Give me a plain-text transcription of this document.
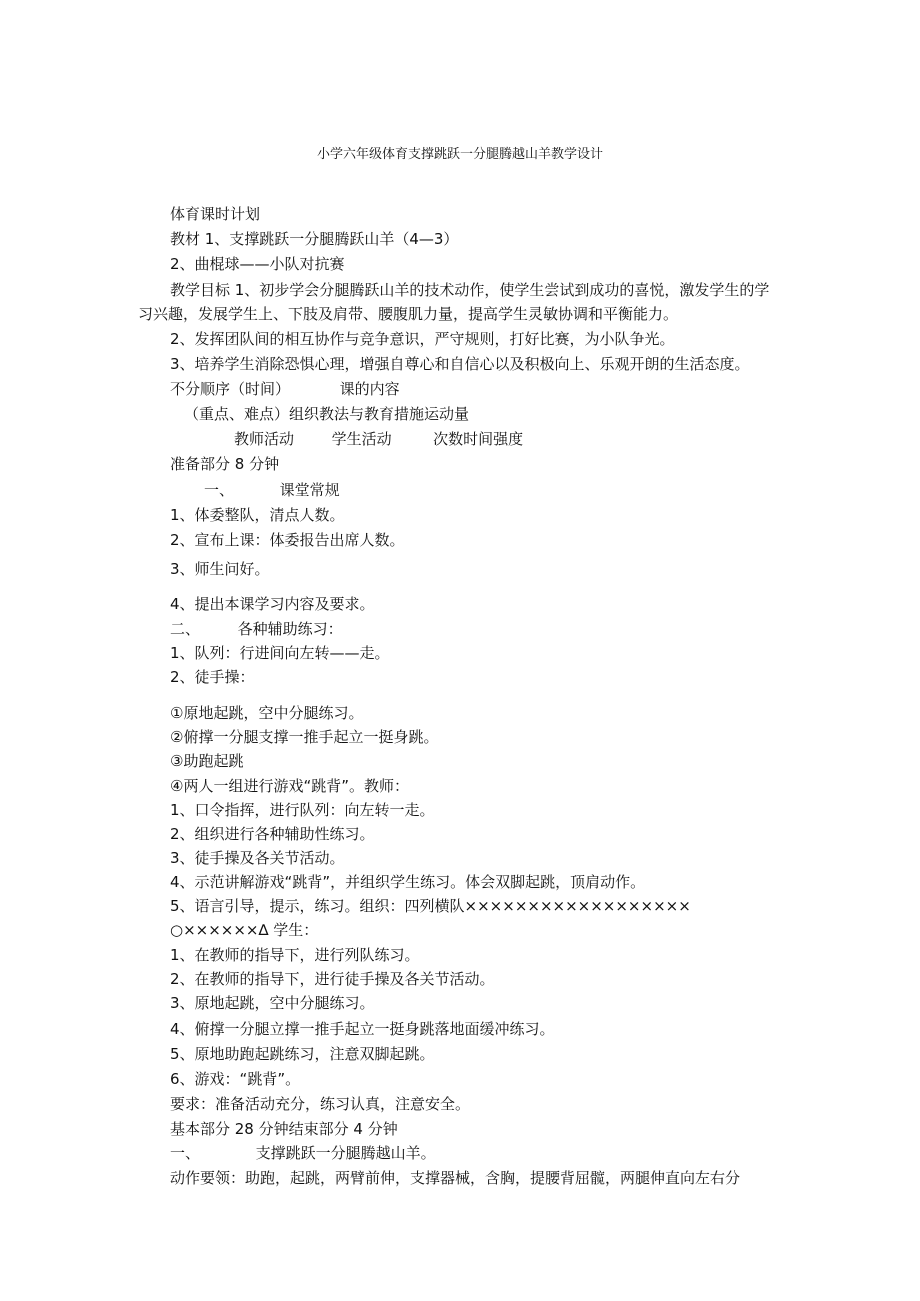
小学六年级体育支撑跳跃一分腿腾越山羊教学设计
体育课时计划
教材 1、支撑跳跃一分腿腾跃山羊（4—3）
2、曲棍球——小队对抗赛
教学目标 1、初步学会分腿腾跃山羊的技术动作，使学生尝试到成功的喜悦，激发学生的学
习兴趣，发展学生上、下肢及肩带、腰腹肌力量，提高学生灵敏协调和平衡能力。
2、发挥团队间的相互协作与竞争意识，严守规则，打好比赛，为小队争光。
3、培养学生消除恐惧心理，增强自尊心和自信心以及积极向上、乐观开朗的生活态度。
不分顺序（时间）	课的内容
（重点、难点）组织教法与教育措施运动量
教师活动	学生活动	次数时间强度
准备部分 8 分钟
一、	课堂常规
1、体委整队，清点人数。
2、宣布上课：体委报告出席人数。
3、师生问好。
4、提出本课学习内容及要求。
二、	各种辅助练习：
1、队列：行进间向左转——走。
2、徒手操：
①原地起跳，空中分腿练习。
②俯撑一分腿支撑一推手起立一挺身跳。
③助跑起跳
④两人一组进行游戏“跳背”。教师：
1、口令指挥，进行队列：向左转一走。
2、组织进行各种辅助性练习。
3、徒手操及各关节活动。
4、示范讲解游戏“跳背”，并组织学生练习。体会双脚起跳，顶肩动作。
5、语言引导，提示，练习。组织：四列横队××××××××××××××××××
○××××××∆ 学生：
1、在教师的指导下，进行列队练习。
2、在教师的指导下，进行徒手操及各关节活动。
3、原地起跳，空中分腿练习。
4、俯撑一分腿立撑一推手起立一挺身跳落地面缓冲练习。
5、原地助跑起跳练习，注意双脚起跳。
6、游戏：“跳背”。
要求：准备活动充分，练习认真，注意安全。
基本部分 28 分钟结束部分 4 分钟
一、	支撑跳跃一分腿腾越山羊。
动作要领：助跑，起跳，两臂前伸，支撑器械，含胸，提腰背屈髋，两腿伸直向左右分
